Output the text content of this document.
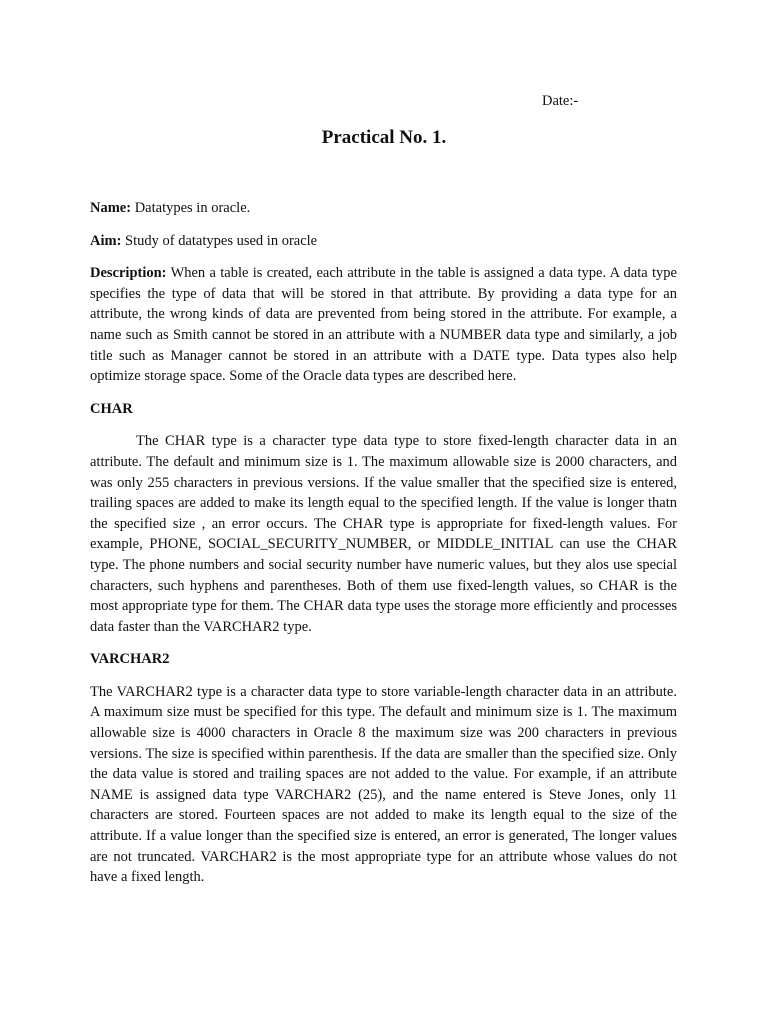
Date:-
Practical No. 1.

Name: Datatypes in oracle.

Aim: Study of datatypes used in oracle

Description: When a table is created, each attribute in the table is assigned a data type. A data type specifies the type of data that will be stored in that attribute. By providing a data type for an attribute, the wrong kinds of data are prevented from being stored in the attribute. For example, a name such as Smith cannot be stored in an attribute with a NUMBER data type and similarly, a job title such as Manager cannot be stored in an attribute with a DATE type. Data types also help optimize storage space. Some of the Oracle data types are described here.

CHAR

The CHAR type is a character type data type to store fixed-length character data in an attribute. The default and minimum size is 1. The maximum allowable size is 2000 characters, and was only 255 characters in previous versions. If the value smaller that the specified size is entered, trailing spaces are added to make its length equal to the specified length. If the value is longer thatn the specified size , an error occurs. The CHAR type is appropriate for fixed-length values. For example, PHONE, SOCIAL_SECURITY_NUMBER, or MIDDLE_INITIAL can use the CHAR type. The phone numbers and social security number have numeric values, but they alos use special characters, such hyphens and parentheses. Both of them use fixed-length values, so CHAR is the most appropriate type for them. The CHAR data type uses the storage more efficiently and processes data faster than the VARCHAR2 type.

VARCHAR2

The VARCHAR2 type is a character data type to store variable-length character data in an attribute. A maximum size must be specified for this type. The default and minimum size is 1. The maximum allowable size is 4000 characters in Oracle 8 the maximum size was 200 characters in previous versions. The size is specified within parenthesis. If the data are smaller than the specified size. Only the data value is stored and trailing spaces are not added to the value. For example, if an attribute NAME is assigned data type VARCHAR2 (25), and the name entered is Steve Jones, only 11 characters are stored. Fourteen spaces are not added to make its length equal to the size of the attribute. If a value longer than the specified size is entered, an error is generated, The longer values are not truncated. VARCHAR2 is the most appropriate type for an attribute whose values do not have a fixed length.
